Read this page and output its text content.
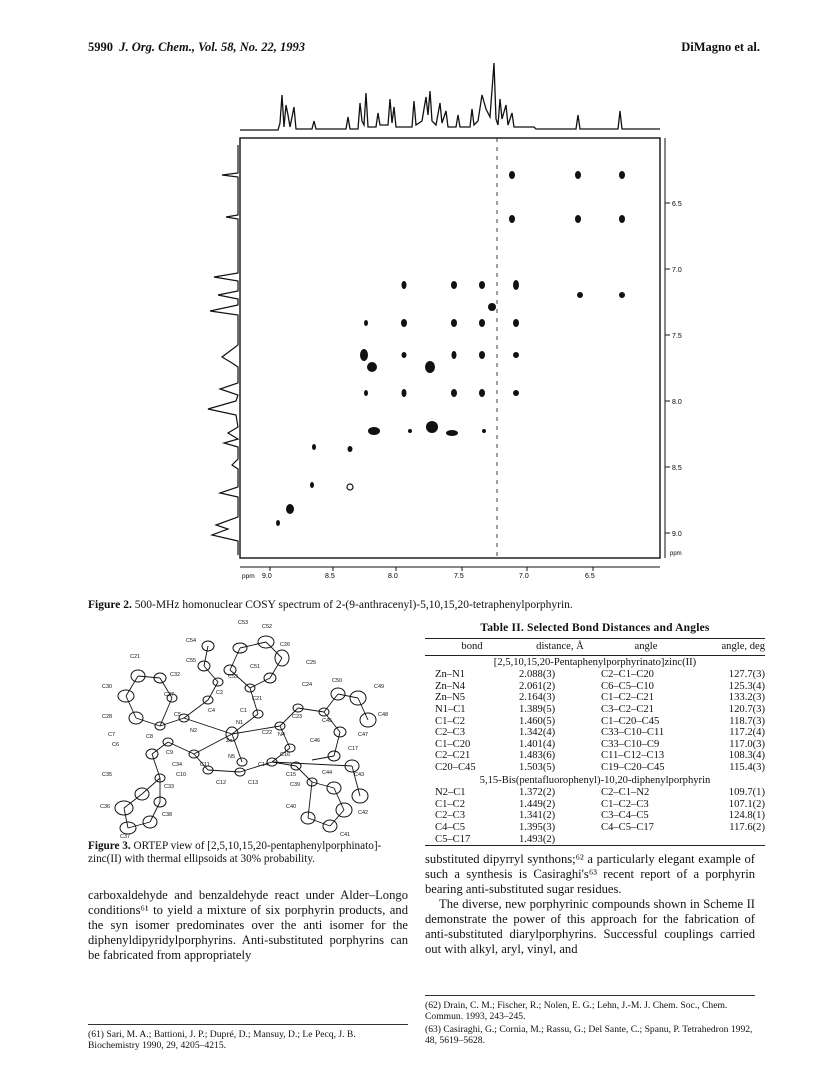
5990 J. Org. Chem., Vol. 58, No. 22, 1993	DiMagno et al.
6.5
7.0
7.5
8.0
8.5
9.0
ppm
ppm 9.0	8.5	8.0	7.5	7.0	6.5
Figure 2. 500-MHz homonuclear COSY spectrum of 2-(9-anthracenyl)-5,10,15,20-tetraphenylporphyrin.
C53
C54
C52
C21
C55
C51
C50
C25
C32	C53
C26
C24	C49
C30
C27	C2
C21
C48
C28	C5
C1
C4
C22
C23
C45
C7
C6
N2
N1
Zn
N4	C47
C8
N5
C46
C16
C9
C17
C11	C14
C34
C10	C15	C43
C35
C33
C12	C13
C44
C39
C36
C38
C40
C42
C37	C41
Figure 3. ORTEP view of [2,5,10,15,20-pentaphenylporphinato]-zinc(II) with thermal ellipsoids at 30% probability.
Table II. Selected Bond Distances and Angles
bond	distance, Å	angle	angle, deg
[2,5,10,15,20-Pentaphenylporphyrinato]zinc(II)			
Zn–N1	2.088(3)	C2–C1–C20	127.7(3)
Zn–N4	2.061(2)	C6–C5–C10	125.3(4)
Zn–N5	2.164(3)	C1–C2–C21	133.2(3)
N1–C1	1.389(5)	C3–C2–C21	120.7(3)
C1–C2	1.460(5)	C1–C20–C45	118.7(3)
C2–C3	1.342(4)	C33–C10–C11	117.2(4)
C1–C20	1.401(4)	C33–C10–C9	117.0(3)
C2–C21	1.483(6)	C11–C12–C13	108.3(4)
C20–C45	1.503(5)	C19–C20–C45	115.4(3)
5,15-Bis(pentafluorophenyl)-10,20-diphenylporphyrin			
N2–C1	1.372(2)	C2–C1–N2	109.7(1)
C1–C2	1.449(2)	C1–C2–C3	107.1(2)
C2–C3	1.341(2)	C3–C4–C5	124.8(1)
C4–C5	1.395(3)	C4–C5–C17	117.6(2)
C5–C17	1.493(2)		

carboxaldehyde and benzaldehyde react under Alder–Longo conditions⁶¹ to yield a mixture of six porphyrin products, and the syn isomer predominates over the anti isomer for the diphenyldipyridylporphyrins. Anti-substituted porphyrins can be fabricated from appropriately

substituted dipyrryl synthons;⁶² a particularly elegant example of such a synthesis is Casiraghi's⁶³ recent report of a porphyrin bearing anti-substituted sugar residues.

The diverse, new porphyrinic compounds shown in Scheme II demonstrate the power of this approach for the fabrication of anti-substituted diarylporphyrins. Successful couplings carried out with alkyl, aryl, vinyl, and

(61) Sari, M. A.; Battioni, J. P.; Dupré, D.; Mansuy, D.; Le Pecq, J. B. Biochemistry 1990, 29, 4205–4215.

(62) Drain, C. M.; Fischer, R.; Nolen, E. G.; Lehn, J.-M. J. Chem. Soc., Chem. Commun. 1993, 243–245.

(63) Casiraghi, G.; Cornia, M.; Rassu, G.; Del Sante, C.; Spanu, P. Tetrahedron 1992, 48, 5619–5628.
